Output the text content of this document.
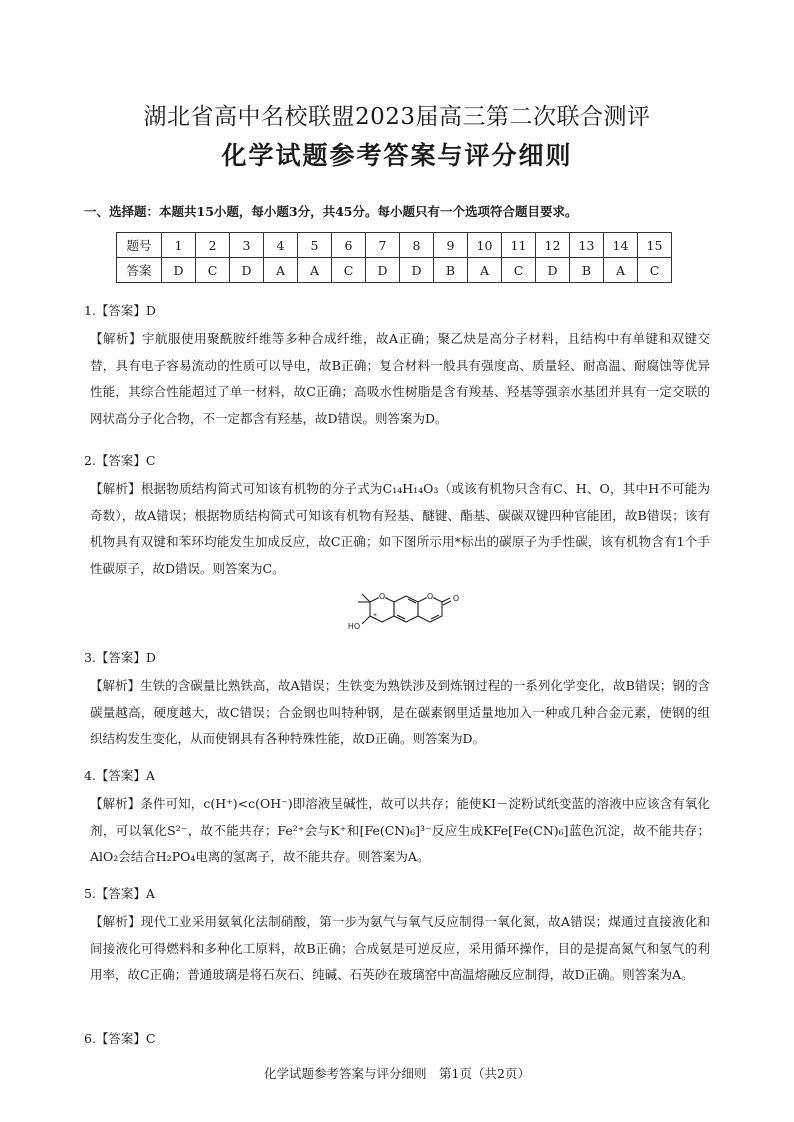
湖北省高中名校联盟2023届高三第二次联合测评
化学试题参考答案与评分细则
一、选择题：本题共15小题，每小题3分，共45分。每小题只有一个选项符合题目要求。
题号	1	2	3	4	5	6	7	8	9	10	11	12	13	14	15
答案	D	C	D	A	A	C	D	D	B	A	C	D	B	A	C
1.【答案】D
【解析】宇航服使用聚酰胺纤维等多种合成纤维，故A正确；聚乙炔是高分子材料，且结构中有单键和双键交替，具有电子容易流动的性质可以导电，故B正确；复合材料一般具有强度高、质量轻、耐高温、耐腐蚀等优异性能，其综合性能超过了单一材料，故C正确；高吸水性树脂是含有羧基、羟基等强亲水基团并具有一定交联的网状高分子化合物，不一定都含有羟基，故D错误。则答案为D。
2.【答案】C
【解析】根据物质结构简式可知该有机物的分子式为C₁₄H₁₄O₃（或该有机物只含有C、H、O，其中H不可能为奇数），故A错误；根据物质结构简式可知该有机物有羟基、醚键、酯基、碳碳双键四种官能团，故B错误；该有机物具有双键和苯环均能发生加成反应，故C正确；如下图所示用*标出的碳原子为手性碳，该有机物含有1个手性碳原子，故D错误。则答案为C。
O	O O
HO
*
3.【答案】D
【解析】生铁的含碳量比熟铁高，故A错误；生铁变为熟铁涉及到炼钢过程的一系列化学变化，故B错误；钢的含碳量越高，硬度越大，故C错误；合金钢也叫特种钢，是在碳素钢里适量地加入一种或几种合金元素，使钢的组织结构发生变化，从而使钢具有各种特殊性能，故D正确。则答案为D。
4.【答案】A
【解析】条件可知，c(H⁺)<c(OH⁻)即溶液呈碱性，故可以共存；能使KI－淀粉试纸变蓝的溶液中应该含有氧化剂，可以氧化S²⁻，故不能共存；Fe²⁺会与K⁺和[Fe(CN)₆]³⁻反应生成KFe[Fe(CN)₆]蓝色沉淀，故不能共存；AlO₂会结合H₂PO₄电离的氢离子，故不能共存。则答案为A。
5.【答案】A
【解析】现代工业采用氨氧化法制硝酸，第一步为氨气与氧气反应制得一氧化氮，故A错误；煤通过直接液化和间接液化可得燃料和多种化工原料，故B正确；合成氨是可逆反应，采用循环操作，目的是提高氮气和氢气的利用率，故C正确；普通玻璃是将石灰石、纯碱、石英砂在玻璃窑中高温熔融反应制得，故D正确。则答案为A。
6.【答案】C
化学试题参考答案与评分细则　第1页（共2页）
